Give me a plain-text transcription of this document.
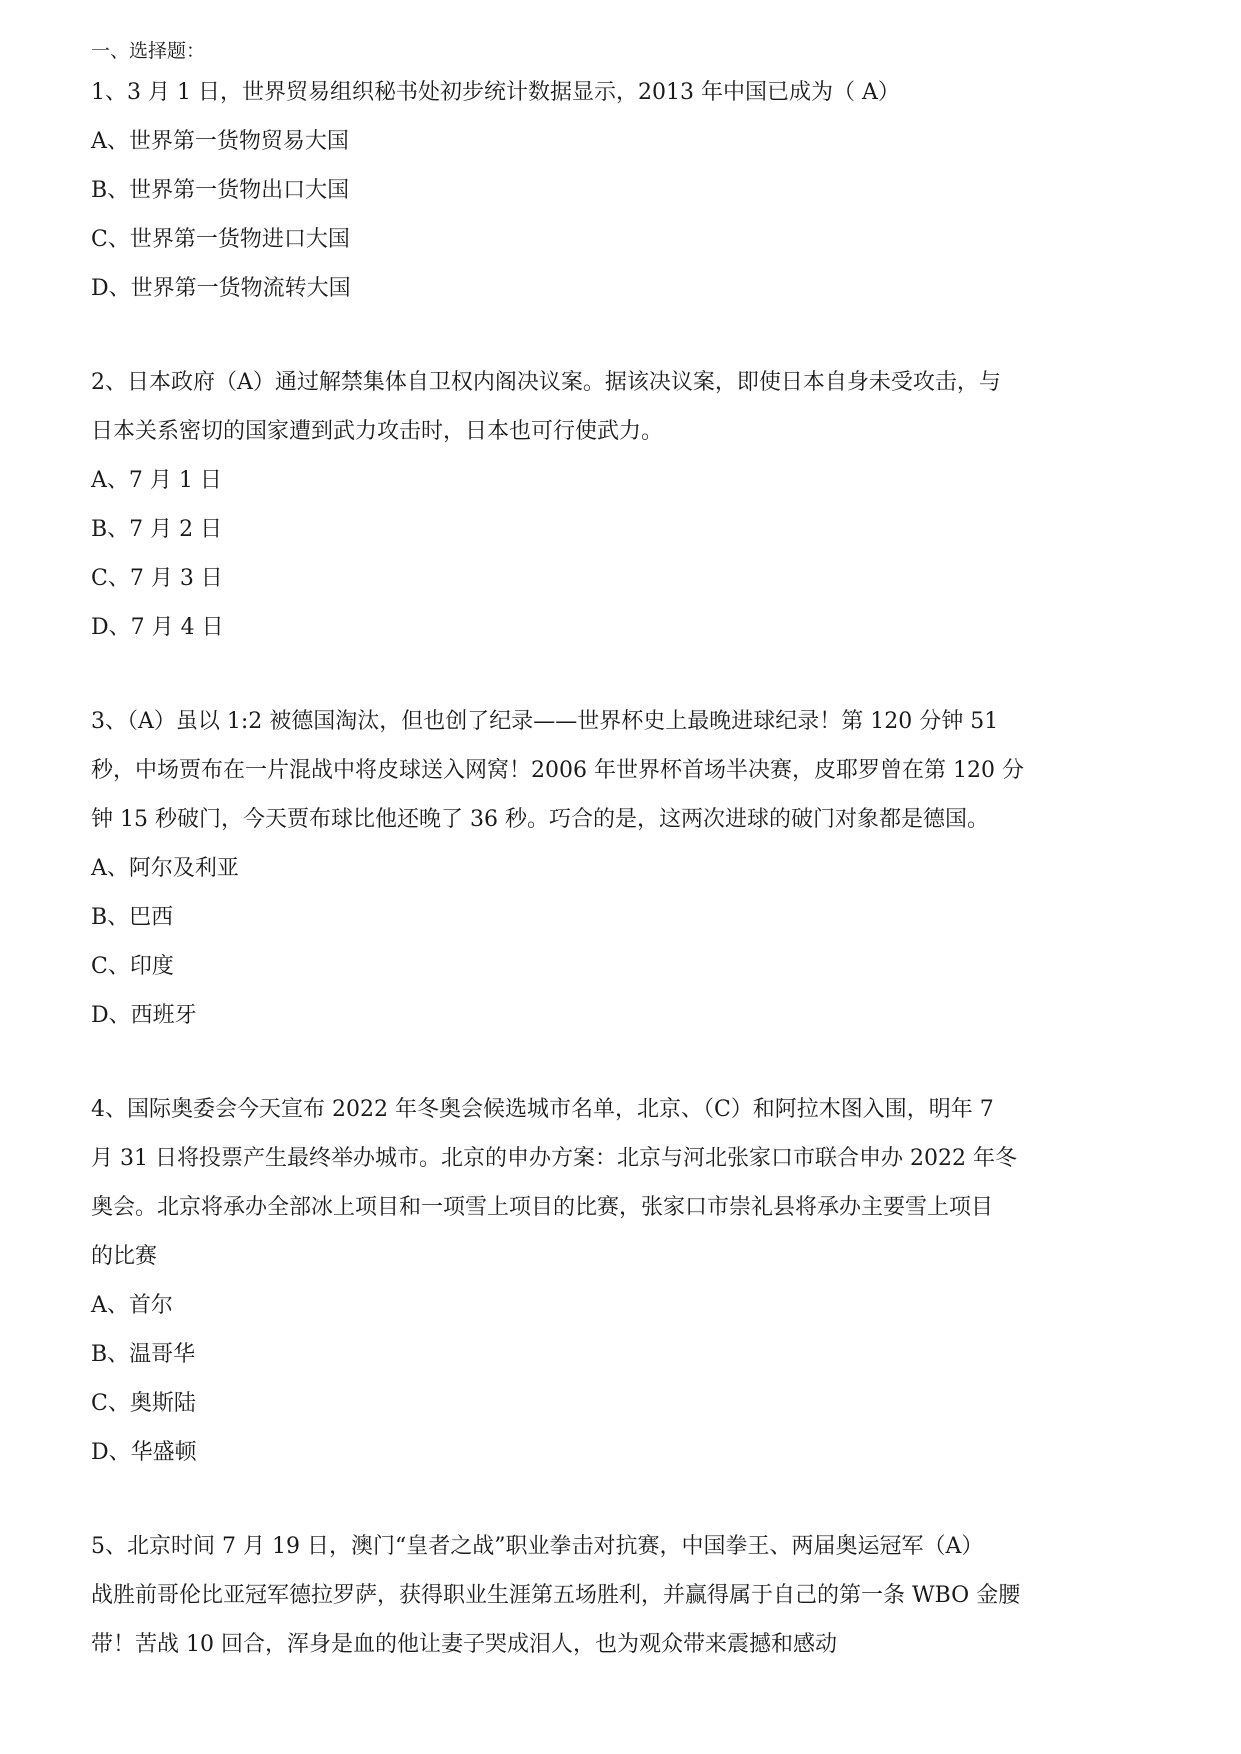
一、选择题：
1、3 月 1 日，世界贸易组织秘书处初步统计数据显示，2013 年中国已成为（ A）
A、世界第一货物贸易大国
B、世界第一货物出口大国
C、世界第一货物进口大国
D、世界第一货物流转大国
2、日本政府（A）通过解禁集体自卫权内阁决议案。据该决议案，即使日本自身未受攻击，与
日本关系密切的国家遭到武力攻击时，日本也可行使武力。
A、7 月 1 日
B、7 月 2 日
C、7 月 3 日
D、7 月 4 日
3、（A）虽以 1:2 被德国淘汰，但也创了纪录——世界杯史上最晚进球纪录！第 120 分钟 51
秒，中场贾布在一片混战中将皮球送入网窝！2006 年世界杯首场半决赛，皮耶罗曾在第 120 分
钟 15 秒破门，今天贾布球比他还晚了 36 秒。巧合的是，这两次进球的破门对象都是德国。
A、阿尔及利亚
B、巴西
C、印度
D、西班牙
4、国际奥委会今天宣布 2022 年冬奥会候选城市名单，北京、（C）和阿拉木图入围，明年 7
月 31 日将投票产生最终举办城市。北京的申办方案：北京与河北张家口市联合申办 2022 年冬
奥会。北京将承办全部冰上项目和一项雪上项目的比赛，张家口市崇礼县将承办主要雪上项目
的比赛
A、首尔
B、温哥华
C、奥斯陆
D、华盛顿
5、北京时间 7 月 19 日，澳门“皇者之战”职业拳击对抗赛，中国拳王、两届奥运冠军（A）
战胜前哥伦比亚冠军德拉罗萨，获得职业生涯第五场胜利，并赢得属于自己的第一条 WBO 金腰
带！苦战 10 回合，浑身是血的他让妻子哭成泪人，也为观众带来震撼和感动
